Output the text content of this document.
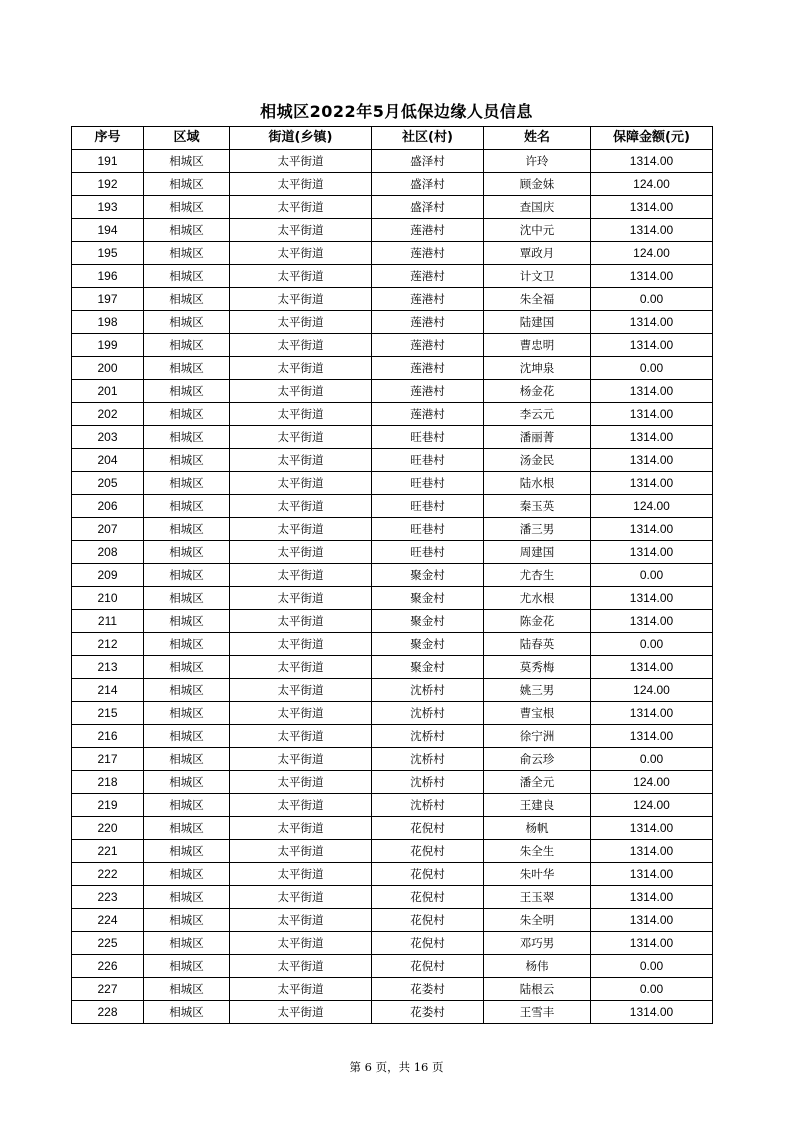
相城区2022年5月低保边缘人员信息
序号	区域	街道(乡镇)	社区(村)	姓名	保障金额(元)
191	相城区	太平街道	盛泽村	许玲	1314.00
192	相城区	太平街道	盛泽村	顾金妹	124.00
193	相城区	太平街道	盛泽村	查国庆	1314.00
194	相城区	太平街道	莲港村	沈中元	1314.00
195	相城区	太平街道	莲港村	覃政月	124.00
196	相城区	太平街道	莲港村	计文卫	1314.00
197	相城区	太平街道	莲港村	朱全福	0.00
198	相城区	太平街道	莲港村	陆建国	1314.00
199	相城区	太平街道	莲港村	曹忠明	1314.00
200	相城区	太平街道	莲港村	沈坤泉	0.00
201	相城区	太平街道	莲港村	杨金花	1314.00
202	相城区	太平街道	莲港村	李云元	1314.00
203	相城区	太平街道	旺巷村	潘丽菁	1314.00
204	相城区	太平街道	旺巷村	汤金民	1314.00
205	相城区	太平街道	旺巷村	陆水根	1314.00
206	相城区	太平街道	旺巷村	秦玉英	124.00
207	相城区	太平街道	旺巷村	潘三男	1314.00
208	相城区	太平街道	旺巷村	周建国	1314.00
209	相城区	太平街道	聚金村	尤杏生	0.00
210	相城区	太平街道	聚金村	尤水根	1314.00
211	相城区	太平街道	聚金村	陈金花	1314.00
212	相城区	太平街道	聚金村	陆春英	0.00
213	相城区	太平街道	聚金村	莫秀梅	1314.00
214	相城区	太平街道	沈桥村	姚三男	124.00
215	相城区	太平街道	沈桥村	曹宝根	1314.00
216	相城区	太平街道	沈桥村	徐宁洲	1314.00
217	相城区	太平街道	沈桥村	俞云珍	0.00
218	相城区	太平街道	沈桥村	潘全元	124.00
219	相城区	太平街道	沈桥村	王建良	124.00
220	相城区	太平街道	花倪村	杨帆	1314.00
221	相城区	太平街道	花倪村	朱全生	1314.00
222	相城区	太平街道	花倪村	朱叶华	1314.00
223	相城区	太平街道	花倪村	王玉翠	1314.00
224	相城区	太平街道	花倪村	朱全明	1314.00
225	相城区	太平街道	花倪村	邓巧男	1314.00
226	相城区	太平街道	花倪村	杨伟	0.00
227	相城区	太平街道	花娄村	陆根云	0.00
228	相城区	太平街道	花娄村	王雪丰	1314.00
第 6 页，共 16 页
